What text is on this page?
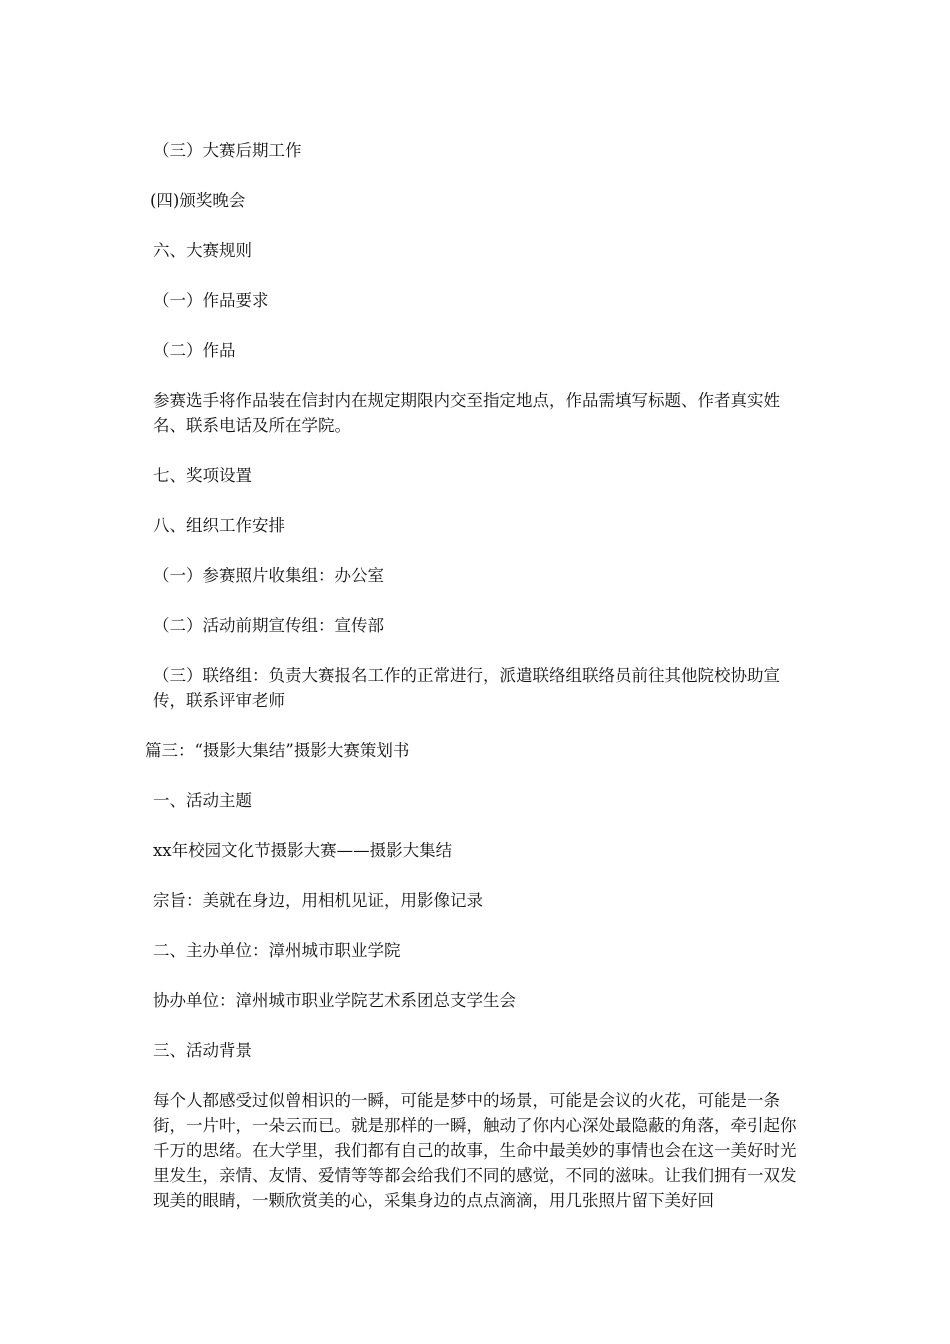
（三）大赛后期工作

(四)颁奖晚会

六、大赛规则

（一）作品要求

（二）作品

参赛选手将作品装在信封内在规定期限内交至指定地点，作品需填写标题、作者真实姓名、联系电话及所在学院。

七、奖项设置

八、组织工作安排

（一）参赛照片收集组：办公室

（二）活动前期宣传组：宣传部

（三）联络组：负责大赛报名工作的正常进行，派遣联络组联络员前往其他院校协助宣传，联系评审老师

篇三：“摄影大集结”摄影大赛策划书

一、活动主题

xx年校园文化节摄影大赛——摄影大集结

宗旨：美就在身边，用相机见证，用影像记录

二、主办单位：漳州城市职业学院

协办单位：漳州城市职业学院艺术系团总支学生会

三、活动背景

每个人都感受过似曾相识的一瞬，可能是梦中的场景，可能是会议的火花，可能是一条街，一片叶，一朵云而已。就是那样的一瞬，触动了你内心深处最隐蔽的角落，牵引起你千万的思绪。在大学里，我们都有自己的故事，生命中最美妙的事情也会在这一美好时光里发生，亲情、友情、爱情等等都会给我们不同的感觉，不同的滋味。让我们拥有一双发现美的眼睛，一颗欣赏美的心，采集身边的点点滴滴，用几张照片留下美好回
